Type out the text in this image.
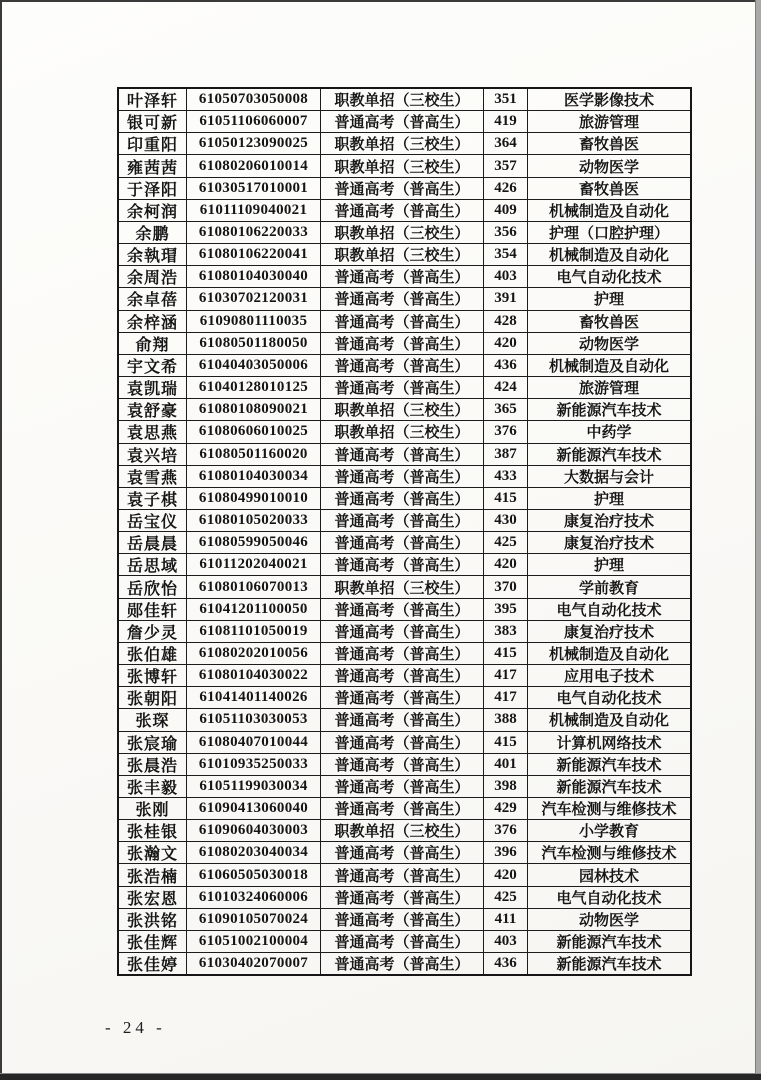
叶泽轩	61050703050008	职教单招（三校生）	351	医学影像技术
银可新	61051106060007	普通高考（普高生）	419	旅游管理
印重阳	61050123090025	职教单招（三校生）	364	畜牧兽医
雍茜茜	61080206010014	职教单招（三校生）	357	动物医学
于泽阳	61030517010001	普通高考（普高生）	426	畜牧兽医
余柯润	61011109040021	普通高考（普高生）	409	机械制造及自动化
余鹏	61080106220033	职教单招（三校生）	356	护理（口腔护理）
余執瑁	61080106220041	职教单招（三校生）	354	机械制造及自动化
余周浩	61080104030040	普通高考（普高生）	403	电气自动化技术
余卓蓓	61030702120031	普通高考（普高生）	391	护理
余梓涵	61090801110035	普通高考（普高生）	428	畜牧兽医
俞翔	61080501180050	普通高考（普高生）	420	动物医学
宇文希	61040403050006	普通高考（普高生）	436	机械制造及自动化
袁凯瑞	61040128010125	普通高考（普高生）	424	旅游管理
袁舒豪	61080108090021	职教单招（三校生）	365	新能源汽车技术
袁思燕	61080606010025	职教单招（三校生）	376	中药学
袁兴培	61080501160020	普通高考（普高生）	387	新能源汽车技术
袁雪燕	61080104030034	普通高考（普高生）	433	大数据与会计
袁子棋	61080499010010	普通高考（普高生）	415	护理
岳宝仪	61080105020033	普通高考（普高生）	430	康复治疗技术
岳晨晨	61080599050046	普通高考（普高生）	425	康复治疗技术
岳思域	61011202040021	普通高考（普高生）	420	护理
岳欣怡	61080106070013	职教单招（三校生）	370	学前教育
郧佳轩	61041201100050	普通高考（普高生）	395	电气自动化技术
詹少灵	61081101050019	普通高考（普高生）	383	康复治疗技术
张伯雄	61080202010056	普通高考（普高生）	415	机械制造及自动化
张博轩	61080104030022	普通高考（普高生）	417	应用电子技术
张朝阳	61041401140026	普通高考（普高生）	417	电气自动化技术
张琛	61051103030053	普通高考（普高生）	388	机械制造及自动化
张宸瑜	61080407010044	普通高考（普高生）	415	计算机网络技术
张晨浩	61010935250033	普通高考（普高生）	401	新能源汽车技术
张丰毅	61051199030034	普通高考（普高生）	398	新能源汽车技术
张刚	61090413060040	普通高考（普高生）	429	汽车检测与维修技术
张桂银	61090604030003	职教单招（三校生）	376	小学教育
张瀚文	61080203040034	普通高考（普高生）	396	汽车检测与维修技术
张浩楠	61060505030018	普通高考（普高生）	420	园林技术
张宏恩	61010324060006	普通高考（普高生）	425	电气自动化技术
张洪铭	61090105070024	普通高考（普高生）	411	动物医学
张佳辉	61051002100004	普通高考（普高生）	403	新能源汽车技术
张佳婷	61030402070007	普通高考（普高生）	436	新能源汽车技术
- 24 -
